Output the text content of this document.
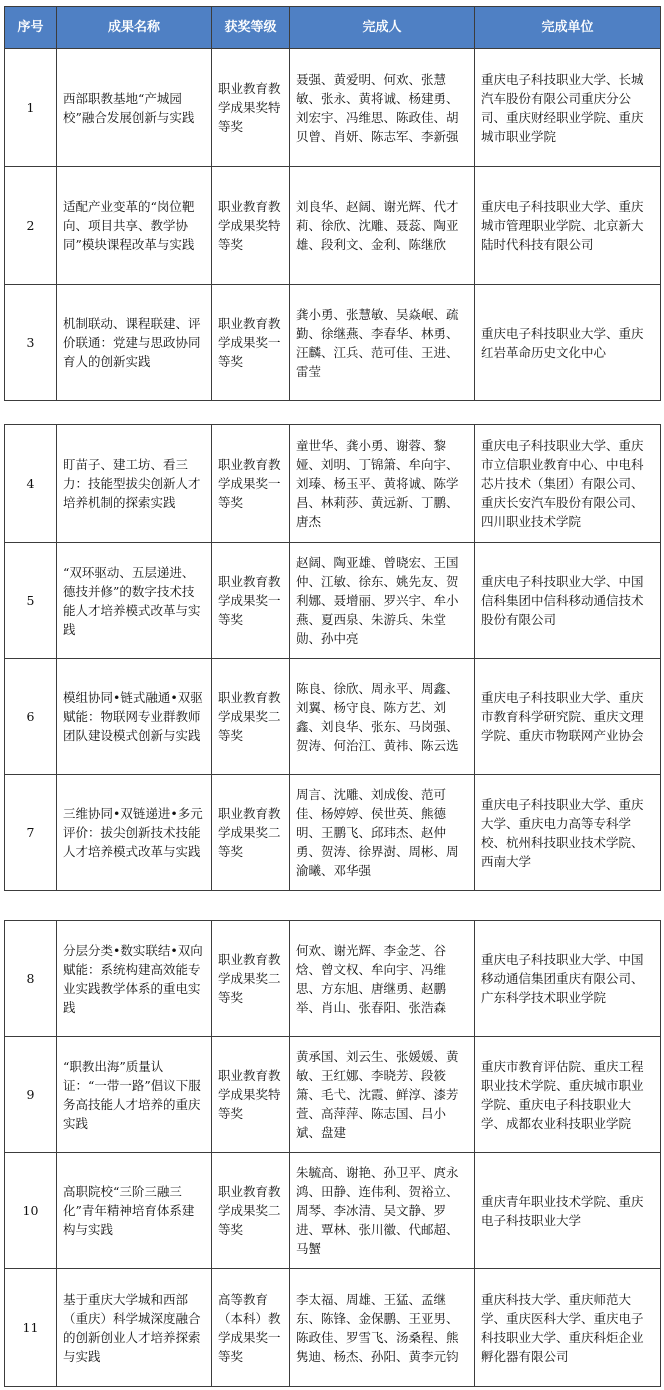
序号	成果名称	获奖等级	完成人	完成单位
1	西部职教基地“产城园校”融合发展创新与实践	职业教育教学成果奖特等奖	聂强、黄爱明、何欢、张慧敏、张永、黄将诚、杨建勇、刘宏宇、冯维思、陈政佳、胡贝曾、肖妍、陈志军、李新强	重庆电子科技职业大学、长城汽车股份有限公司重庆分公司、重庆财经职业学院、重庆城市职业学院
2	适配产业变革的“岗位靶向、项目共享、教学协同”模块课程改革与实践	职业教育教学成果奖特等奖	刘良华、赵阔、谢光辉、代才莉、徐欣、沈雕、聂蕊、陶亚雄、段利文、金利、陈继欣	重庆电子科技职业大学、重庆城市管理职业学院、北京新大陆时代科技有限公司
3	机制联动、课程联建、评价联通：党建与思政协同育人的创新实践	职业教育教学成果奖一等奖	龚小勇、张慧敏、吴焱岷、疏勤、徐继燕、李春华、林勇、汪麟、江兵、范可佳、王进、雷莹	重庆电子科技职业大学、重庆红岩革命历史文化中心
4	盯苗子、建工坊、看三力：技能型拔尖创新人才培养机制的探索实践	职业教育教学成果奖一等奖	童世华、龚小勇、谢蓉、黎娅、刘明、丁锦箫、牟向宇、刘瑧、杨玉平、黄将诚、陈学昌、林莉莎、黄远新、丁鹏、唐杰	重庆电子科技职业大学、重庆市立信职业教育中心、中电科芯片技术（集团）有限公司、重庆长安汽车股份有限公司、四川职业技术学院
5	“双环驱动、五层递进、德技并修”的数字技术技能人才培养模式改革与实践	职业教育教学成果奖一等奖	赵阔、陶亚雄、曾晓宏、王国仲、江敏、徐东、姚先友、贺利娜、聂增丽、罗兴宇、牟小燕、夏西泉、朱游兵、朱堂勋、孙中亮	重庆电子科技职业大学、中国信科集团中信科移动通信技术股份有限公司
6	模组协同•链式融通•双驱赋能：物联网专业群教师团队建设模式创新与实践	职业教育教学成果奖二等奖	陈良、徐欣、周永平、周鑫、刘翼、杨守良、陈方艺、刘鑫、刘良华、张东、马岗强、贺涛、何治江、黄祎、陈云选	重庆电子科技职业大学、重庆市教育科学研究院、重庆文理学院、重庆市物联网产业协会
7	三维协同•双链递进•多元评价：拔尖创新技术技能人才培养模式改革与实践	职业教育教学成果奖二等奖	周言、沈雕、刘成俊、范可佳、杨婷婷、侯世英、熊德明、王鹏飞、邱玮杰、赵仲勇、贺涛、徐界澍、周彬、周渝曦、邓华强	重庆电子科技职业大学、重庆大学、重庆电力高等专科学校、杭州科技职业技术学院、西南大学
8	分层分类•数实联结•双向赋能：系统构建高效能专业实践教学体系的重电实践	职业教育教学成果奖二等奖	何欢、谢光辉、李金芝、谷焓、曾文权、牟向宇、冯维思、方东旭、唐继勇、赵鹏举、肖山、张春阳、张浩森	重庆电子科技职业大学、中国移动通信集团重庆有限公司、广东科学技术职业学院
9	“职教出海”质量认证：“一带一路”倡议下服务高技能人才培养的重庆实践	职业教育教学成果奖特等奖	黄承国、刘云生、张媛媛、黄敏、王红娜、李晓芳、段筱箫、毛弋、沈霞、鲜淳、漆芳萱、高萍萍、陈志国、吕小斌、盘建	重庆市教育评估院、重庆工程职业技术学院、重庆城市职业学院、重庆电子科技职业大学、成都农业科技职业学院
10	高职院校“三阶三融三化”青年精神培育体系建构与实践	职业教育教学成果奖二等奖	朱毓高、谢艳、孙卫平、庹永鸿、田静、连伟利、贺裕立、周琴、李冰清、吴文静、罗进、覃林、张川徽、代邮超、马蟹	重庆青年职业技术学院、重庆电子科技职业大学
11	基于重庆大学城和西部（重庆）科学城深度融合的创新创业人才培养探索与实践	高等教育（本科）教学成果奖一等奖	李太福、周雄、王猛、孟继东、陈锋、金保鹏、王亚男、陈政佳、罗雪飞、汤桑程、熊隽迪、杨杰、孙阳、黄李元钧	重庆科技大学、重庆师范大学、重庆医科大学、重庆电子科技职业大学、重庆科炬企业孵化器有限公司
